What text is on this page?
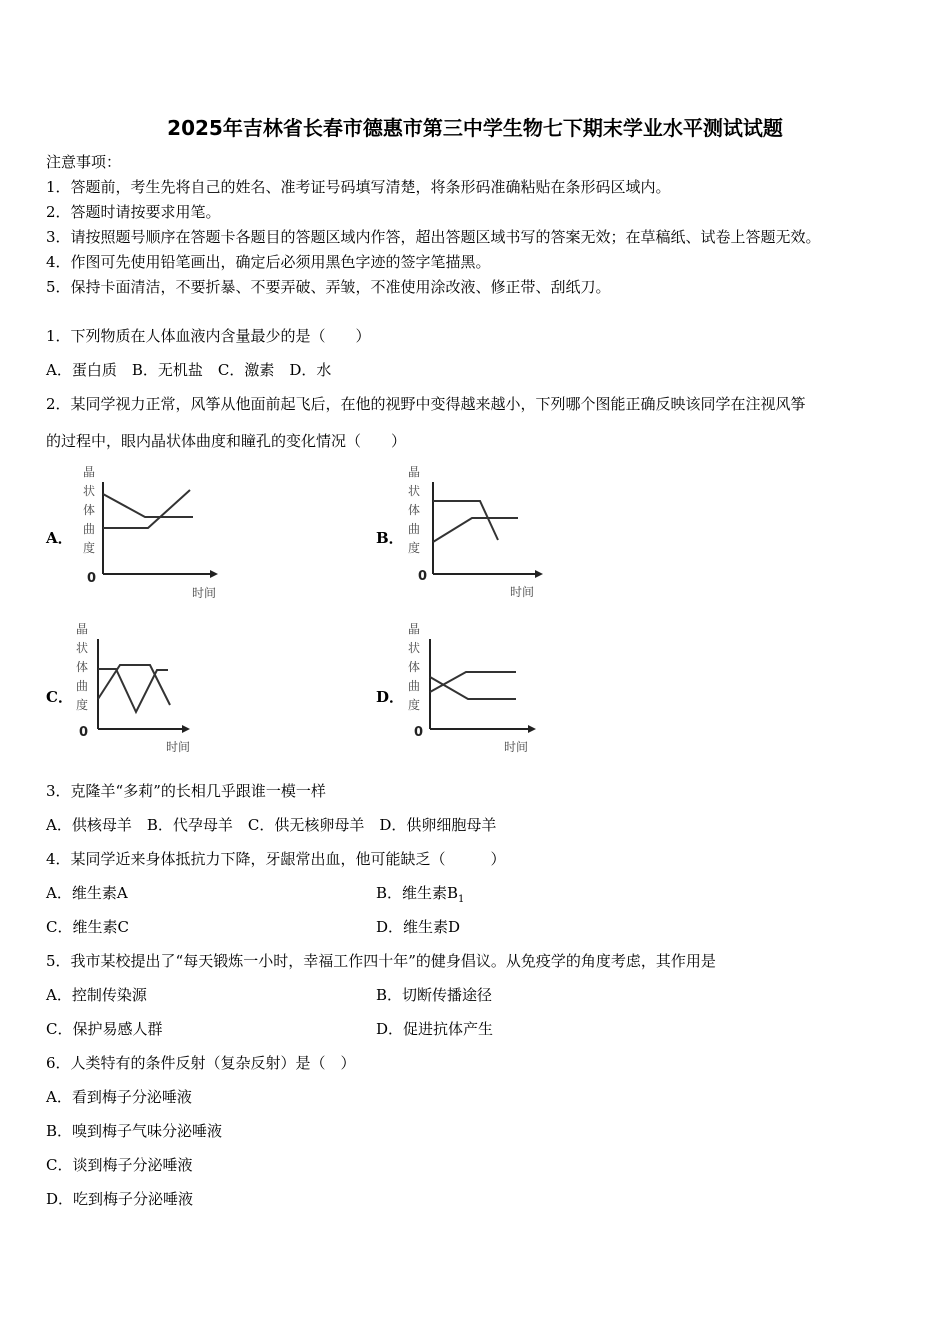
2025年吉林省长春市德惠市第三中学生物七下期末学业水平测试试题
注意事项：
1．答题前，考生先将自己的姓名、准考证号码填写清楚，将条形码准确粘贴在条形码区域内。
2．答题时请按要求用笔。
3．请按照题号顺序在答题卡各题目的答题区域内作答，超出答题区域书写的答案无效；在草稿纸、试卷上答题无效。
4．作图可先使用铅笔画出，确定后必须用黑色字迹的签字笔描黑。
5．保持卡面清洁，不要折暴、不要弄破、弄皱，不准使用涂改液、修正带、刮纸刀。
1．下列物质在人体血液内含量最少的是（　　）
A．蛋白质　B．无机盐　C．激素　D．水
2．某同学视力正常，风筝从他面前起飞后，在他的视野中变得越来越小，下列哪个图能正确反映该同学在注视风筝
的过程中，眼内晶状体曲度和瞳孔的变化情况（　　）
A．
晶
状
体
曲
度
0
时间
B．
晶
状
体
曲
度
0
时间
C．
晶
状
体
曲
度
0
时间
D．
晶
状
体
曲
度
0
时间
3．克隆羊“多莉”的长相几乎跟谁一模一样
A．供核母羊　B．代孕母羊　C．供无核卵母羊　D．供卵细胞母羊
4．某同学近来身体抵抗力下降，牙龈常出血，他可能缺乏（　　　）
A．维生素A	B．维生素$B_1$
C．维生素C	D．维生素D
5．我市某校提出了“每天锻炼一小时，幸福工作四十年”的健身倡议。从免疫学的角度考虑，其作用是
A．控制传染源	B．切断传播途径
C．保护易感人群	D．促进抗体产生
6．人类特有的条件反射（复杂反射）是（　）
A．看到梅子分泌唾液
B．嗅到梅子气味分泌唾液
C．谈到梅子分泌唾液
D．吃到梅子分泌唾液
